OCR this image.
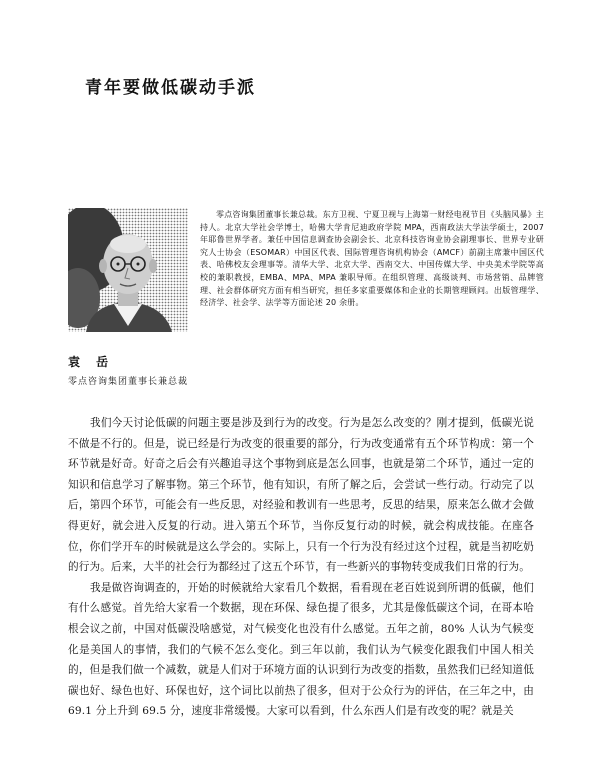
青年要做低碳动手派
袁 岳
零点咨询集团董事长兼总裁

零点咨询集团董事长兼总裁。东方卫视、宁夏卫视与上海第一财经电视节目《头脑风暴》主持人。北京大学社会学博士，哈佛大学肯尼迪政府学院 MPA，西南政法大学法学硕士，2007 年耶鲁世界学者。兼任中国信息调查协会副会长、北京科技咨询业协会副理事长、世界专业研究人士协会（ESOMAR）中国区代表、国际管理咨询机构协会（AMCF）前副主席兼中国区代表、哈佛校友会理事等。清华大学、北京大学、西南交大、中国传媒大学、中央美术学院等高校的兼职教授，EMBA、MPA、MPA 兼职导师。在组织管理、高级谈判、市场营销、品牌管理、社会群体研究方面有相当研究，担任多家重要媒体和企业的长期管理顾问。出版管理学、经济学、社会学、法学等方面论述 20 余册。

我们今天讨论低碳的问题主要是涉及到行为的改变。行为是怎么改变的？刚才提到，低碳光说不做是不行的。但是，说已经是行为改变的很重要的部分，行为改变通常有五个环节构成：第一个环节就是好奇。好奇之后会有兴趣追寻这个事物到底是怎么回事，也就是第二个环节，通过一定的知识和信息学习了解事物。第三个环节，他有知识，有所了解之后，会尝试一些行动。行动完了以后，第四个环节，可能会有一些反思，对经验和教训有一些思考，反思的结果，原来怎么做才会做得更好，就会进入反复的行动。进入第五个环节，当你反复行动的时候，就会构成技能。在座各位，你们学开车的时候就是这么学会的。实际上，只有一个行为没有经过这个过程，就是当初吃奶的行为。后来，大半的社会行为都经过了这五个环节，有一些新兴的事物转变成我们日常的行为。

我是做咨询调查的，开始的时候就给大家看几个数据，看看现在老百姓说到所谓的低碳，他们有什么感觉。首先给大家看一个数据，现在环保、绿色提了很多，尤其是像低碳这个词，在哥本哈根会议之前，中国对低碳没啥感觉，对气候变化也没有什么感觉。五年之前，80% 人认为气候变化是美国人的事情，我们的气候不怎么变化。到三年以前，我们认为气候变化跟我们中国人相关的，但是我们做一个减数，就是人们对于环境方面的认识到行为改变的指数，虽然我们已经知道低碳也好、绿色也好、环保也好，这个词比以前热了很多，但对于公众行为的评估，在三年之中，由 69.1 分上升到 69.5 分，速度非常缓慢。大家可以看到，什么东西人们是有改变的呢？就是关
